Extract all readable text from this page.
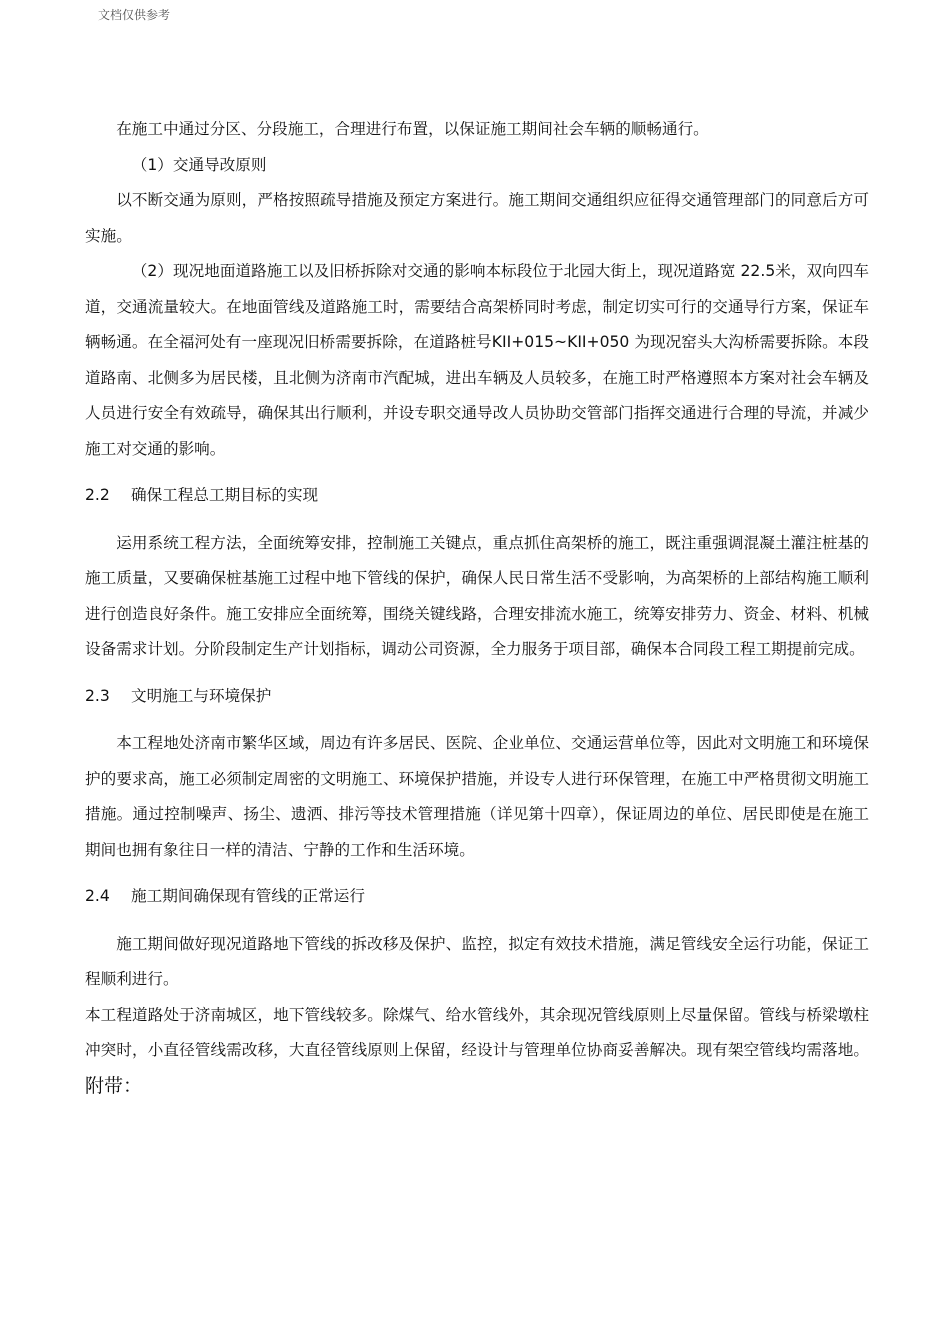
文档仅供参考

在施工中通过分区、分段施工，合理进行布置，以保证施工期间社会车辆的顺畅通行。

（1）交通导改原则

以不断交通为原则，严格按照疏导措施及预定方案进行。施工期间交通组织应征得交通管理部门的同意后方可实施。

（2）现况地面道路施工以及旧桥拆除对交通的影响本标段位于北园大街上，现况道路宽 22.5米，双向四车道，交通流量较大。在地面管线及道路施工时，需要结合高架桥同时考虑，制定切实可行的交通导行方案，保证车辆畅通。在全福河处有一座现况旧桥需要拆除，在道路桩号KII+015~KII+050 为现况窑头大沟桥需要拆除。本段道路南、北侧多为居民楼，且北侧为济南市汽配城，进出车辆及人员较多，在施工时严格遵照本方案对社会车辆及人员进行安全有效疏导，确保其出行顺利，并设专职交通导改人员协助交管部门指挥交通进行合理的导流，并减少施工对交通的影响。

2.2	确保工程总工期目标的实现

运用系统工程方法，全面统筹安排，控制施工关键点，重点抓住高架桥的施工，既注重强调混凝土灌注桩基的施工质量，又要确保桩基施工过程中地下管线的保护，确保人民日常生活不受影响，为高架桥的上部结构施工顺利进行创造良好条件。施工安排应全面统筹，围绕关键线路，合理安排流水施工，统筹安排劳力、资金、材料、机械设备需求计划。分阶段制定生产计划指标，调动公司资源，全力服务于项目部，确保本合同段工程工期提前完成。

2.3	文明施工与环境保护

本工程地处济南市繁华区域，周边有许多居民、医院、企业单位、交通运营单位等，因此对文明施工和环境保护的要求高，施工必须制定周密的文明施工、环境保护措施，并设专人进行环保管理，在施工中严格贯彻文明施工措施。通过控制噪声、扬尘、遗洒、排污等技术管理措施（详见第十四章），保证周边的单位、居民即使是在施工期间也拥有象往日一样的清洁、宁静的工作和生活环境。

2.4	施工期间确保现有管线的正常运行

施工期间做好现况道路地下管线的拆改移及保护、监控，拟定有效技术措施，满足管线安全运行功能，保证工程顺利进行。

本工程道路处于济南城区，地下管线较多。除煤气、给水管线外，其余现况管线原则上尽量保留。管线与桥梁墩柱冲突时，小直径管线需改移，大直径管线原则上保留，经设计与管理单位协商妥善解决。现有架空管线均需落地。附带：
